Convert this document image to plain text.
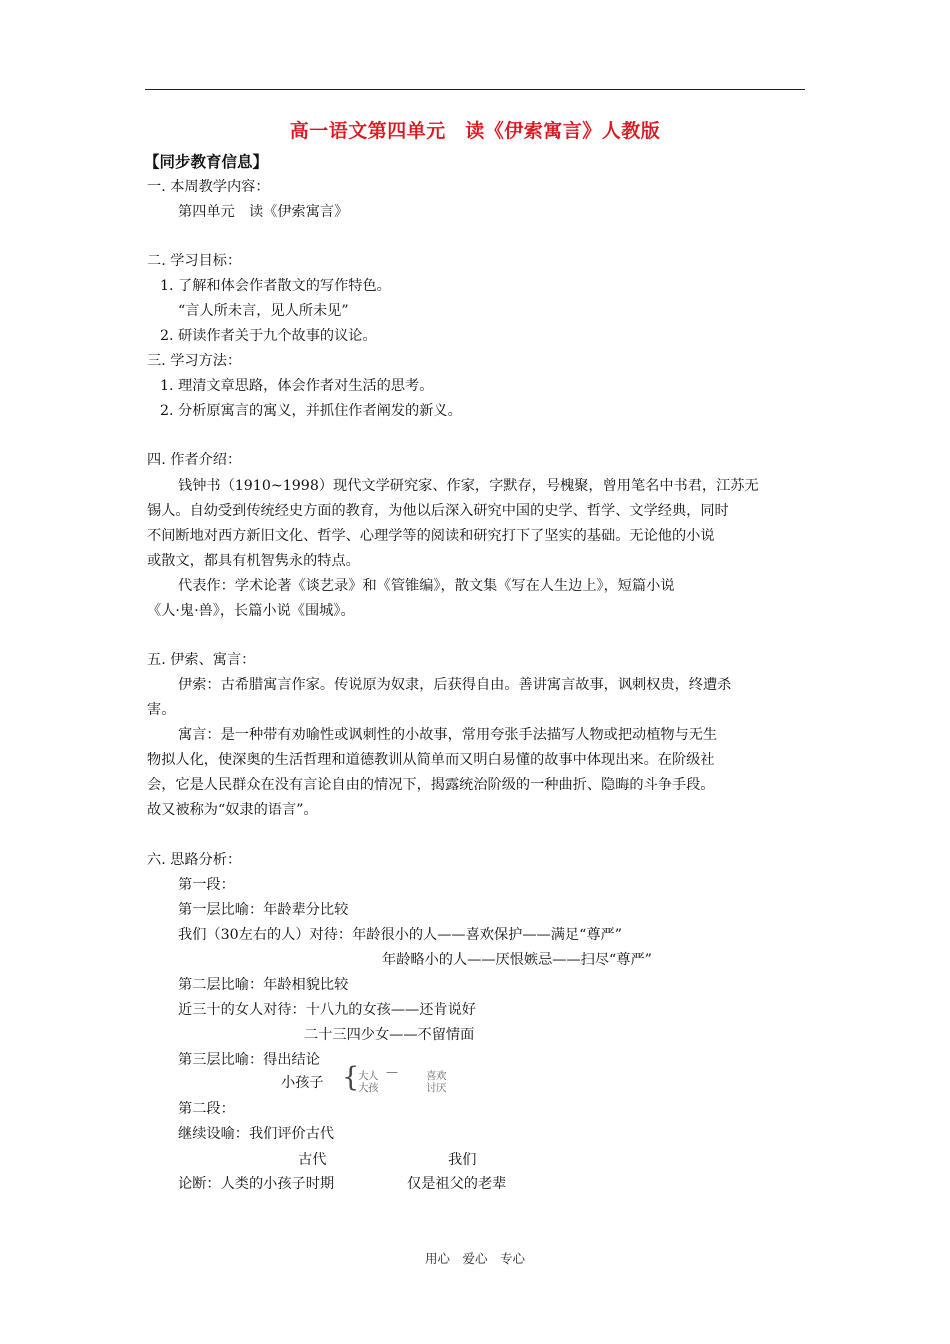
高一语文第四单元　读《伊索寓言》人教版
【同步教育信息】
一. 本周教学内容：
第四单元　读《伊索寓言》
二. 学习目标：
1. 了解和体会作者散文的写作特色。
“言人所未言，见人所未见”
2. 研读作者关于九个故事的议论。
三. 学习方法：
1. 理清文章思路，体会作者对生活的思考。
2. 分析原寓言的寓义，并抓住作者阐发的新义。
四. 作者介绍：
钱钟书（1910~1998）现代文学研究家、作家，字默存，号槐聚，曾用笔名中书君，江苏无
锡人。自幼受到传统经史方面的教育，为他以后深入研究中国的史学、哲学、文学经典，同时
不间断地对西方新旧文化、哲学、心理学等的阅读和研究打下了坚实的基础。无论他的小说
或散文，都具有机智隽永的特点。
代表作：学术论著《谈艺录》和《管锥编》，散文集《写在人生边上》，短篇小说
《人·鬼·兽》，长篇小说《围城》。
五. 伊索、寓言：
伊索：古希腊寓言作家。传说原为奴隶，后获得自由。善讲寓言故事，讽刺权贵，终遭杀
害。
寓言：是一种带有劝喻性或讽刺性的小故事，常用夸张手法描写人物或把动植物与无生
物拟人化，使深奥的生活哲理和道德教训从简单而又明白易懂的故事中体现出来。在阶级社
会，它是人民群众在没有言论自由的情况下，揭露统治阶级的一种曲折、隐晦的斗争手段。
故又被称为“奴隶的语言”。
六. 思路分析：
第一段：
第一层比喻：年龄辈分比较
我们（30左右的人）对待：年龄很小的人——喜欢保护——满足“尊严”
年龄略小的人——厌恨嫉忌——扫尽“尊严”
第二层比喻：年龄相貌比较
近三十的女人对待：十八九的女孩——还肯说好
二十三四少女——不留情面
第三层比喻：得出结论
小孩子 {
大人 —	喜欢
大孩	讨厌
第二段：
继续设喻：我们评价古代
古代	我们
论断：人类的小孩子时期	仅是祖父的老辈
用心　爱心　专心
